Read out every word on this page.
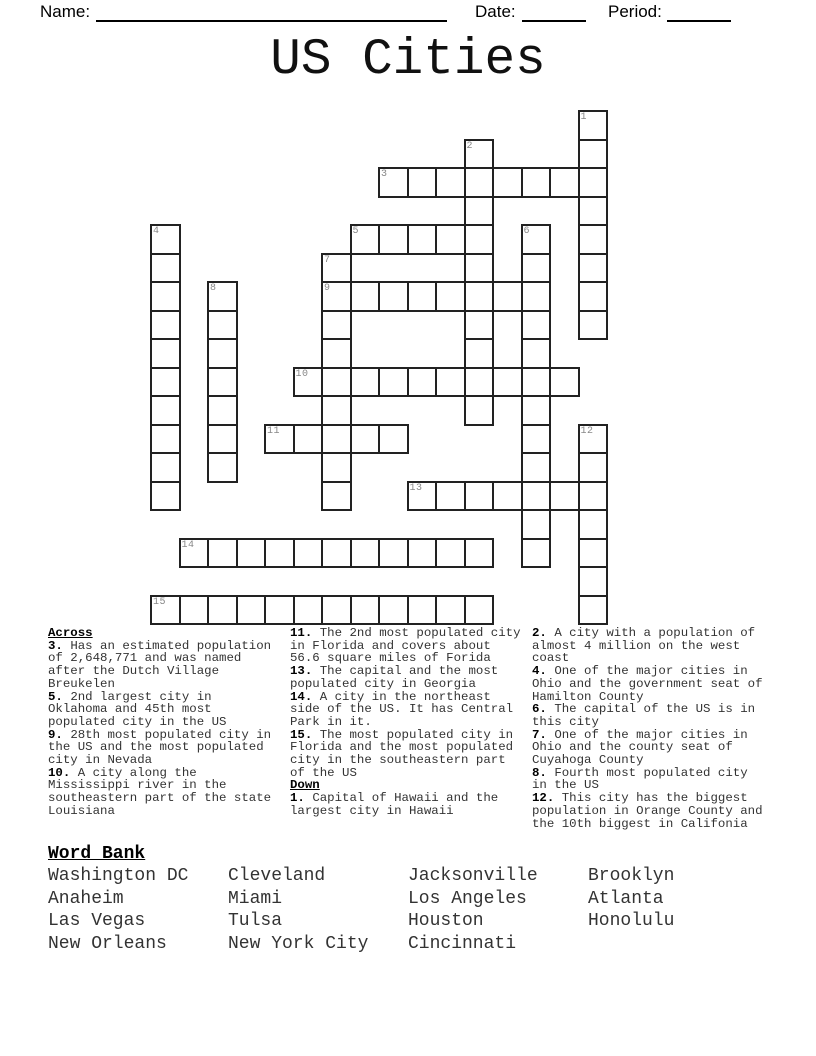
Name:	Date:	Period:
US Cities
1
2
3
4	5	6
7
8	9
10
11	12
13
14
15
Across
3. Has an estimated population of 2,648,771 and was named after the Dutch Village Breukelen
5. 2nd largest city in Oklahoma and 45th most populated city in the US
9. 28th most populated city in the US and the most populated city in Nevada
10. A city along the Mississippi river in the southeastern part of the state Louisiana
11. The 2nd most populated city in Florida and covers about 56.6 square miles of Forida
13. The capital and the most populated city in Georgia
14. A city in the northeast side of the US. It has Central Park in it.
15. The most populated city in Florida and the most populated city in the southeastern part of the US
Down
1. Capital of Hawaii and the largest city in Hawaii
2. A city with a population of almost 4 million on the west coast
4. One of the major cities in Ohio and the government seat of Hamilton County
6. The capital of the US is in this city
7. One of the major cities in Ohio and the county seat of Cuyahoga County
8. Fourth most populated city in the US
12. This city has the biggest population in Orange County and the 10th biggest in Califonia
Word Bank
Washington DC	Cleveland	Jacksonville	Brooklyn
Anaheim	Miami	Los Angeles	Atlanta
Las Vegas	Tulsa	Houston	Honolulu
New Orleans	New York City	Cincinnati
